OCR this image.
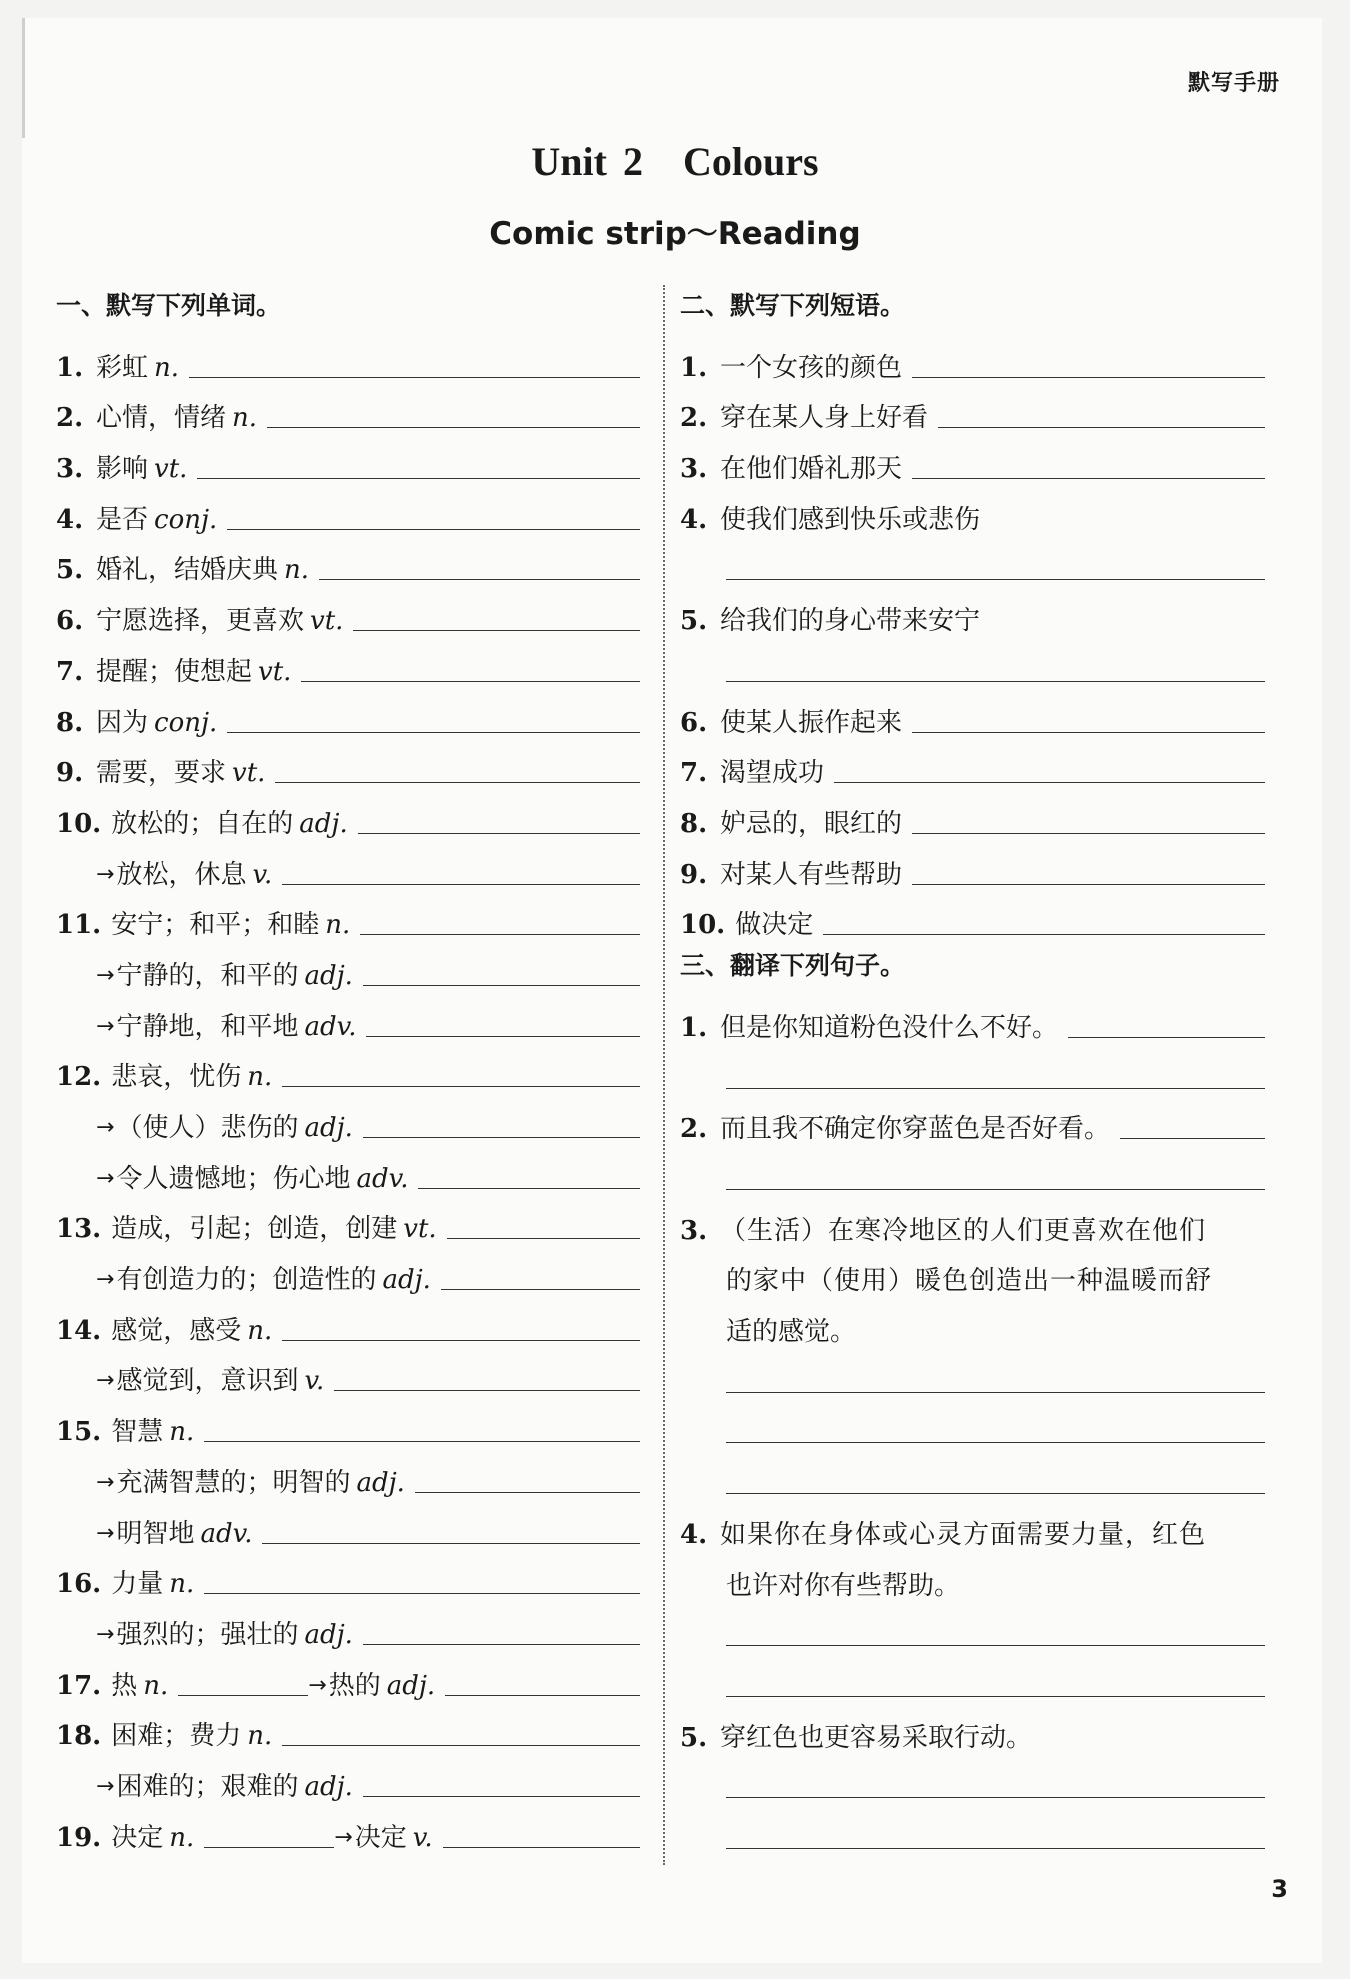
默写手册
Unit 2 Colours
Comic strip～Reading
一、默写下列单词。
1. 彩虹 n.
2. 心情，情绪 n.
3. 影响 vt.
4. 是否 conj.
5. 婚礼，结婚庆典 n.
6. 宁愿选择，更喜欢 vt.
7. 提醒；使想起 vt.
8. 因为 conj.
9. 需要，要求 vt.
10. 放松的；自在的 adj.
→ 放松，休息 v.
11. 安宁；和平；和睦 n.
→ 宁静的，和平的 adj.
→ 宁静地，和平地 adv.
12. 悲哀，忧伤 n.
→ （使人）悲伤的 adj.
→ 令人遗憾地；伤心地 adv.
13. 造成，引起；创造，创建 vt.
→ 有创造力的；创造性的 adj.
14. 感觉，感受 n.
→ 感觉到，意识到 v.
15. 智慧 n.
→ 充满智慧的；明智的 adj.
→ 明智地 adv.
16. 力量 n.
→ 强烈的；强壮的 adj.
17. 热 n.	→ 热的 adj.
18. 困难；费力 n.
→ 困难的；艰难的 adj.
19. 决定 n.	→ 决定 v.
二、默写下列短语。
1. 一个女孩的颜色
2. 穿在某人身上好看
3. 在他们婚礼那天
4. 使我们感到快乐或悲伤
5. 给我们的身心带来安宁
6. 使某人振作起来
7. 渴望成功
8. 妒忌的，眼红的
9. 对某人有些帮助
10. 做决定
三、翻译下列句子。
1. 但是你知道粉色没什么不好。
2. 而且我不确定你穿蓝色是否好看。
3. （生活）在寒冷地区的人们更喜欢在他们
的家中（使用）暖色创造出一种温暖而舒
适的感觉。
4. 如果你在身体或心灵方面需要力量，红色
也许对你有些帮助。
5. 穿红色也更容易采取行动。
3
